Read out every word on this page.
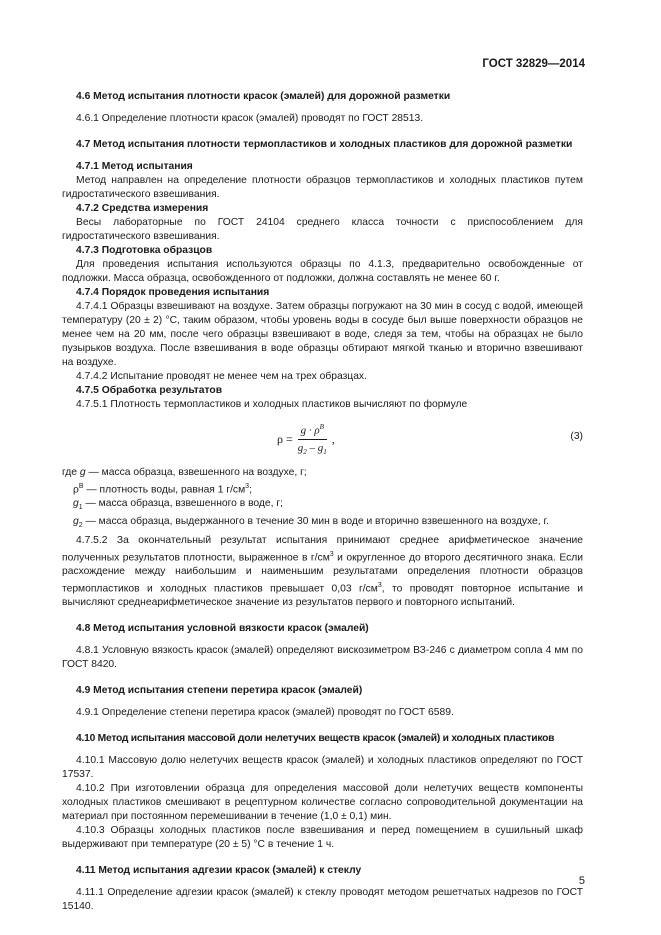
ГОСТ 32829—2014

4.6 Метод испытания плотности красок (эмалей) для дорожной разметки

4.6.1 Определение плотности красок (эмалей) проводят по ГОСТ 28513.

4.7 Метод испытания плотности термопластиков и холодных пластиков для дорожной разметки

4.7.1 Метод испытания

Метод направлен на определение плотности образцов термопластиков и холодных пластиков путем гидростатического взвешивания.

4.7.2 Средства измерения

Весы лабораторные по ГОСТ 24104 среднего класса точности с приспособлением для гидростатического взвешивания.

4.7.3 Подготовка образцов

Для проведения испытания используются образцы по 4.1.3, предварительно освобожденные от подложки. Масса образца, освобожденного от подложки, должна составлять не менее 60 г.

4.7.4 Порядок проведения испытания

4.7.4.1 Образцы взвешивают на воздухе. Затем образцы погружают на 30 мин в сосуд с водой, имеющей температуру (20 ± 2) °С, таким образом, чтобы уровень воды в сосуде был выше поверхности образцов не менее чем на 20 мм, после чего образцы взвешивают в воде, следя за тем, чтобы на образцах не было пузырьков воздуха. После взвешивания в воде образцы обтирают мягкой тканью и вторично взвешивают на воздухе.

4.7.4.2 Испытание проводят не менее чем на трех образцах.

4.7.5 Обработка результатов

4.7.5.1 Плотность термопластиков и холодных пластиков вычисляют по формуле

$\rho = \frac{g \cdot \rho^B}{g_2 - g_1}$ ,	(3)

где g — масса образца, взвешенного на воздухе, г;

$\rho^B$ — плотность воды, равная 1 $г/см^3$;

$g_1$ — масса образца, взвешенного в воде, г;

$g_2$ — масса образца, выдержанного в течение 30 мин в воде и вторично взвешенного на воздухе, г.

4.7.5.2 За окончательный результат испытания принимают среднее арифметическое значение полученных результатов плотности, выраженное в $г/см^3$ и округленное до второго десятичного знака. Если расхождение между наибольшим и наименьшим результатами определения плотности образцов термопластиков и холодных пластиков превышает 0,03 $г/см^3$, то проводят повторное испытание и вычисляют среднеарифметическое значение из результатов первого и повторного испытаний.

4.8 Метод испытания условной вязкости красок (эмалей)

4.8.1 Условную вязкость красок (эмалей) определяют вискозиметром ВЗ-246 с диаметром сопла 4 мм по ГОСТ 8420.

4.9 Метод испытания степени перетира красок (эмалей)

4.9.1 Определение степени перетира красок (эмалей) проводят по ГОСТ 6589.

4.10 Метод испытания массовой доли нелетучих веществ красок (эмалей) и холодных пластиков

4.10.1 Массовую долю нелетучих веществ красок (эмалей) и холодных пластиков определяют по ГОСТ 17537.

4.10.2 При изготовлении образца для определения массовой доли нелетучих веществ компоненты холодных пластиков смешивают в рецептурном количестве согласно сопроводительной документации на материал при постоянном перемешивании в течение (1,0 ± 0,1) мин.

4.10.3 Образцы холодных пластиков после взвешивания и перед помещением в сушильный шкаф выдерживают при температуре (20 ± 5) °С в течение 1 ч.

4.11 Метод испытания адгезии красок (эмалей) к стеклу

4.11.1 Определение адгезии красок (эмалей) к стеклу проводят методом решетчатых надрезов по ГОСТ 15140.

5
